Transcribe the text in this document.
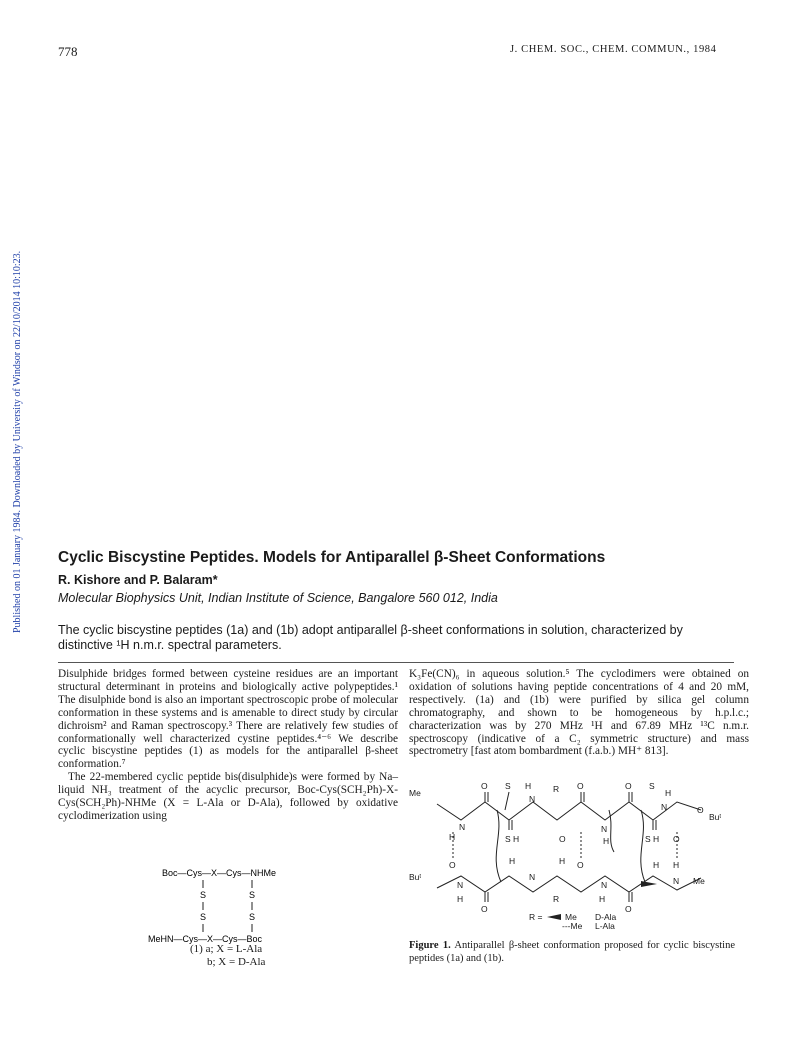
778	J. CHEM. SOC., CHEM. COMMUN., 1984
Published on 01 January 1984. Downloaded by University of Windsor on 22/10/2014 10:10:23. Cyclic Biscystine Peptides. Models for Antiparallel β-Sheet Conformations
R. Kishore and P. Balaram*
Molecular Biophysics Unit, Indian Institute of Science, Bangalore 560 012, India
The cyclic biscystine peptides (1a) and (1b) adopt antiparallel β-sheet conformations in solution, characterized by distinctive ¹H n.m.r. spectral parameters.

Disulphide bridges formed between cysteine residues are an important structural determinant in proteins and biologically active polypeptides.¹ The disulphide bond is also an important spectroscopic probe of molecular conformation in these systems and is amenable to direct study by circular dichroism² and Raman spectroscopy.³ There are relatively few studies of conformationally well characterized cystine peptides.⁴⁻⁶ We describe cyclic biscystine peptides (1) as models for the antiparallel β-sheet conformation.⁷

The 22-membered cyclic peptide bis(disulphide)s were formed by Na–liquid NH₃ treatment of the acyclic precursor, Boc-Cys(SCH₂Ph)-X-Cys(SCH₂Ph)-NHMe (X = L-Ala or D-Ala), followed by oxidative cyclodimerization using

K₃Fe(CN)₆ in aqueous solution.⁵ The cyclodimers were obtained on oxidation of solutions having peptide concentrations of 4 and 20 mM, respectively. (1a) and (1b) were purified by silica gel column chromatography, and shown to be homogeneous by h.p.l.c.; characterization was by 270 MHz ¹H and 67.89 MHz ¹³C n.m.r. spectroscopy (indicative of a C₂ symmetric structure) and mass spectrometry [fast atom bombardment (f.a.b.) MH⁺ 813].

Boc—Cys—X—Cys—NHMe
S	S
S	S
MeHN—Cys—X—Cys—Boc
(1) a; X = L-Ala
b; X = D-Ala
Me
N
O S H
N
R O	O S
H
N	O
Buᵗ
H	S H	O
N
H	S H O
O	H	H O	H H
Buᵗ
N
N
N	N Me
H
O
R	H
O
R =	Me D-Ala
---Me L-Ala
Figure 1. Antiparallel β-sheet conformation proposed for cyclic biscystine peptides (1a) and (1b).
